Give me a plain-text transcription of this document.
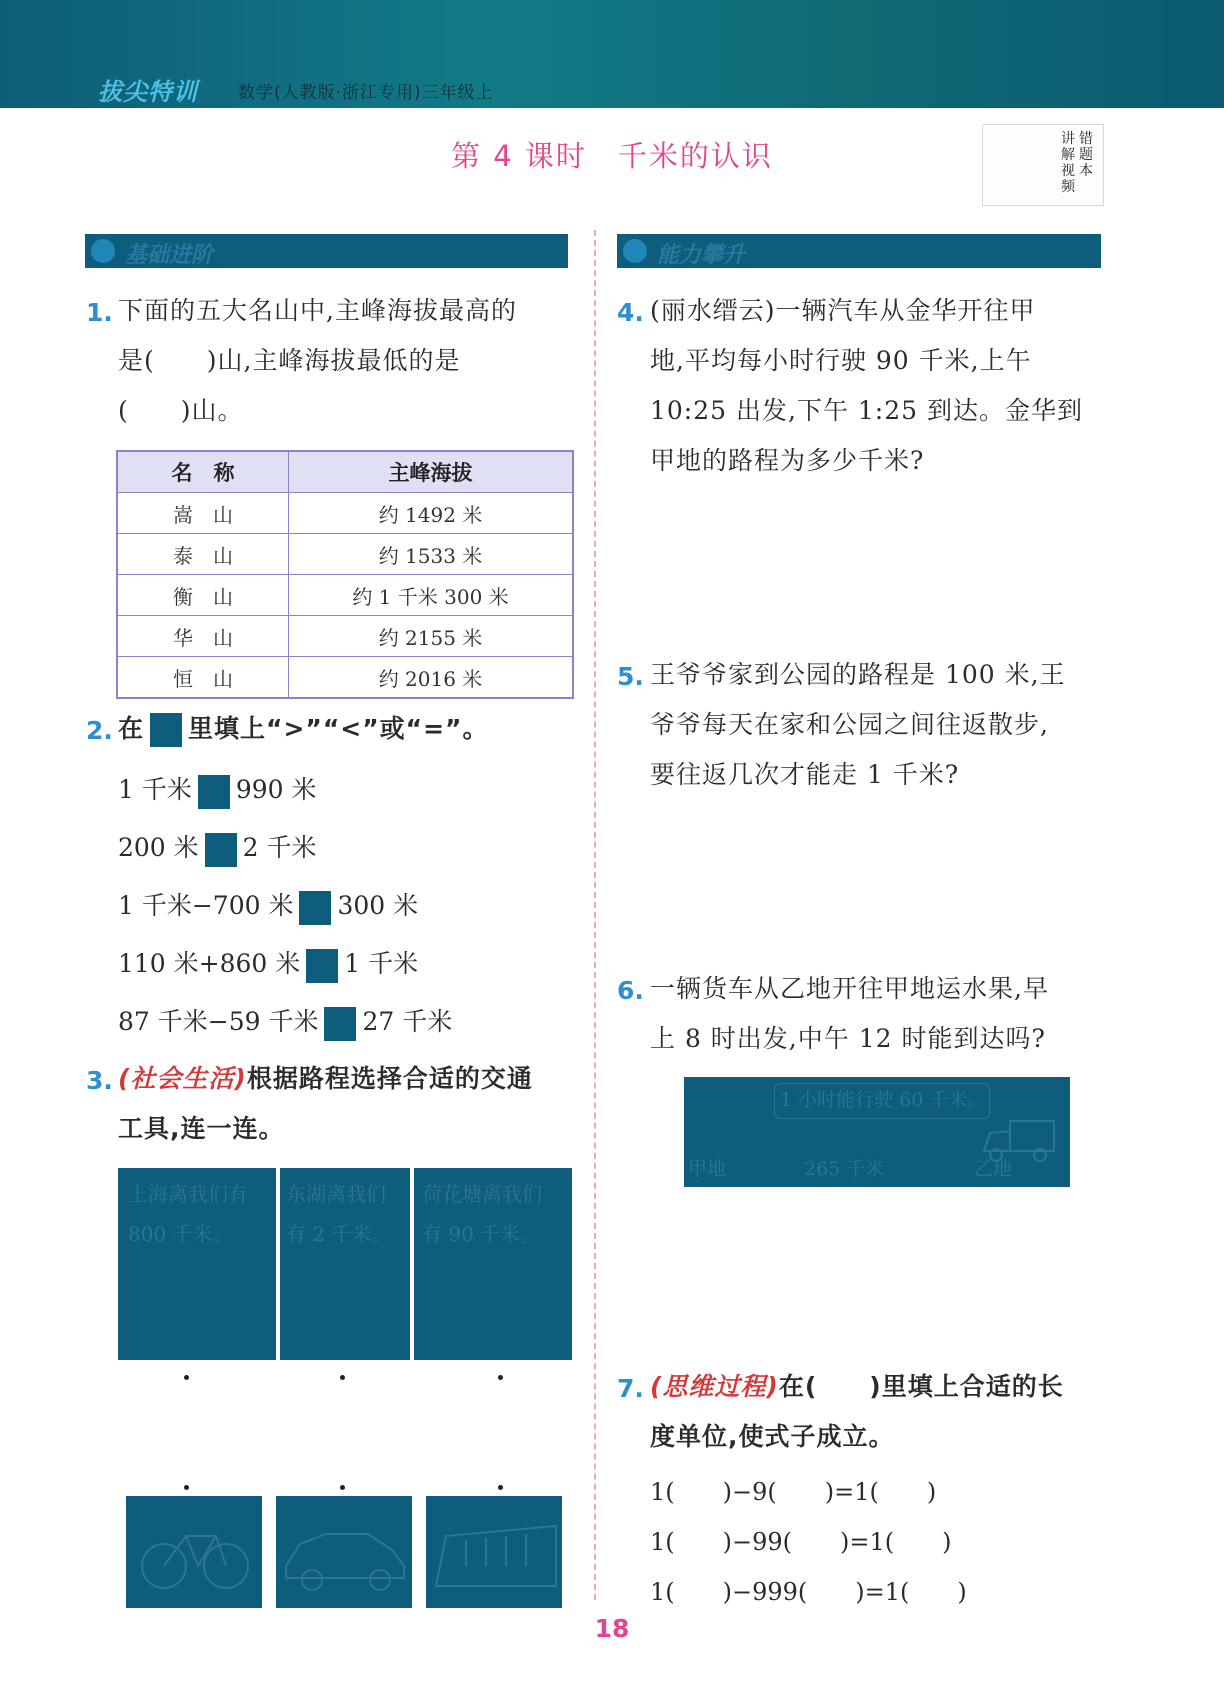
拔尖特训 数学(人教版·浙江专用)三年级上
第 4 课时　千米的认识	讲
解
视
频
错
题
本
基础进阶	能力攀升
1. 下面的五大名山中,主峰海拔最高的
是(　　)山,主峰海拔最低的是
(　　)山。
名　称	主峰海拔
嵩　山	约 1492 米
泰　山	约 1533 米
衡　山	约 1 千米 300 米
华　山	约 2155 米
恒　山	约 2016 米
2. 在 里填上“>”“<”或“=”。
1 千米 990 米
200 米 2 千米
1 千米−700 米 300 米
110 米+860 米 1 千米
87 千米−59 千米 27 千米
3. (社会生活)根据路程选择合适的交通
工具,连一连。
上海离我们有
800 千米。
东湖离我们
有 2 千米。
荷花塘离我们
有 90 千米。
4. (丽水缙云)一辆汽车从金华开往甲
地,平均每小时行驶 90 千米,上午
10:25 出发,下午 1:25 到达。金华到
甲地的路程为多少千米?
5. 王爷爷家到公园的路程是 100 米,王
爷爷每天在家和公园之间往返散步,
要往返几次才能走 1 千米?
6. 一辆货车从乙地开往甲地运水果,早
上 8 时出发,中午 12 时能到达吗?
1 小时能行驶 60 千米。
甲地	265 千米	乙地
7. (思维过程)在(　　)里填上合适的长
度单位,使式子成立。
1(　　)−9(　　)=1(　　)
1(　　)−99(　　)=1(　　)
1(　　)−999(　　)=1(　　)
18
